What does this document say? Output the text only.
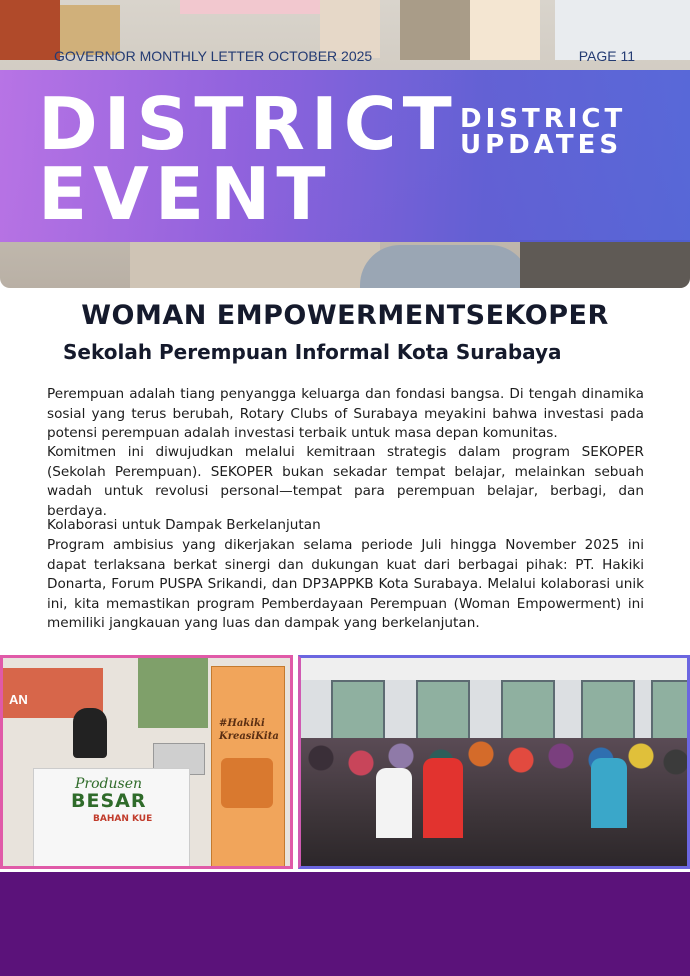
GOVERNOR MONTHLY LETTER OCTOBER 2025	PAGE 11
DISTRICT
EVENT
DISTRICT
UPDATES
WOMAN EMPOWERMENTSEKOPER
Sekolah Perempuan Informal Kota Surabaya

Perempuan adalah tiang penyangga keluarga dan fondasi bangsa. Di tengah dinamika sosial yang terus berubah, Rotary Clubs of Surabaya meyakini bahwa investasi pada potensi perempuan adalah investasi terbaik untuk masa depan komunitas.

Komitmen ini diwujudkan melalui kemitraan strategis dalam program SEKOPER (Sekolah Perempuan). SEKOPER bukan sekadar tempat belajar, melainkan sebuah wadah untuk revolusi personal—tempat para perempuan belajar, berbagi, dan berdaya.

Kolaborasi untuk Dampak Berkelanjutan

Program ambisius yang dikerjakan selama periode Juli hingga November 2025 ini dapat terlaksana berkat sinergi dan dukungan kuat dari berbagai pihak: PT. Hakiki Donarta, Forum PUSPA Srikandi, dan DP3APPKB Kota Surabaya. Melalui kolaborasi unik ini, kita memastikan program Pemberdayaan Perempuan (Woman Empowerment) ini memiliki jangkauan yang luas dan dampak yang berkelanjutan.

AN
Produsen
BESAR
BAHAN KUE
#Hakiki
KreasiKita
